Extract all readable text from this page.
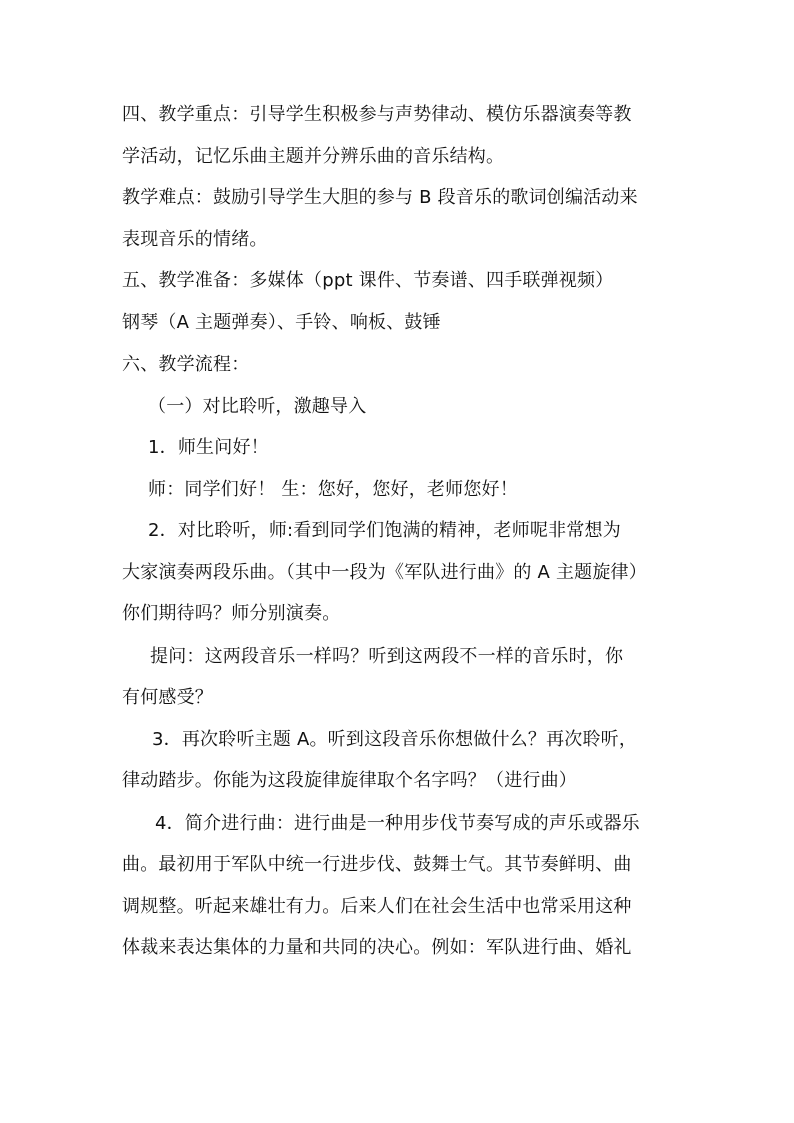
四、教学重点：引导学生积极参与声势律动、模仿乐器演奏等教
学活动，记忆乐曲主题并分辨乐曲的音乐结构。
教学难点：鼓励引导学生大胆的参与 B 段音乐的歌词创编活动来
表现音乐的情绪。
五、教学准备：多媒体（ppt 课件、节奏谱、四手联弹视频）
钢琴（A 主题弹奏）、手铃、响板、鼓锤
六、教学流程：
（一）对比聆听，激趣导入
1．师生问好！
师：同学们好！ 生：您好，您好，老师您好！
2．对比聆听，师:看到同学们饱满的精神，老师呢非常想为
大家演奏两段乐曲。（其中一段为《军队进行曲》的 A 主题旋律）
你们期待吗？师分别演奏。
提问：这两段音乐一样吗？听到这两段不一样的音乐时，你
有何感受？
3．再次聆听主题 A。听到这段音乐你想做什么？再次聆听，
律动踏步。你能为这段旋律旋律取个名字吗？（进行曲）
4．简介进行曲：进行曲是一种用步伐节奏写成的声乐或器乐
曲。最初用于军队中统一行进步伐、鼓舞士气。其节奏鲜明、曲
调规整。听起来雄壮有力。后来人们在社会生活中也常采用这种
体裁来表达集体的力量和共同的决心。例如：军队进行曲、婚礼
